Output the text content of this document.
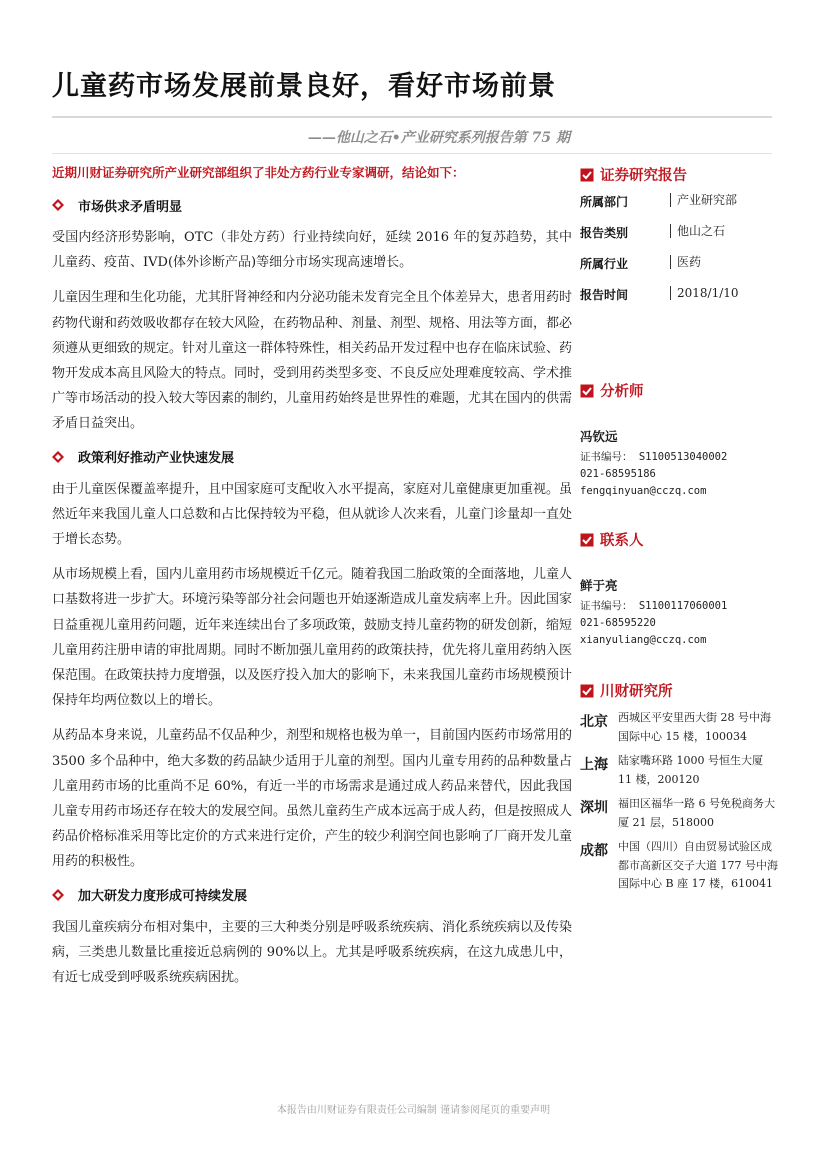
儿童药市场发展前景良好，看好市场前景
——他山之石•产业研究系列报告第 75 期

近期川财证券研究所产业研究部组织了非处方药行业专家调研，结论如下：

市场供求矛盾明显

受国内经济形势影响，OTC（非处方药）行业持续向好，延续 2016 年的复苏趋势，其中儿童药、疫苗、IVD(体外诊断产品)等细分市场实现高速增长。

儿童因生理和生化功能，尤其肝肾神经和内分泌功能未发育完全且个体差异大，患者用药时药物代谢和药效吸收都存在较大风险，在药物品种、剂量、剂型、规格、用法等方面，都必须遵从更细致的规定。针对儿童这一群体特殊性，相关药品开发过程中也存在临床试验、药物开发成本高且风险大的特点。同时，受到用药类型多变、不良反应处理难度较高、学术推广等市场活动的投入较大等因素的制约，儿童用药始终是世界性的难题，尤其在国内的供需矛盾日益突出。

政策利好推动产业快速发展

由于儿童医保覆盖率提升，且中国家庭可支配收入水平提高，家庭对儿童健康更加重视。虽然近年来我国儿童人口总数和占比保持较为平稳，但从就诊人次来看，儿童门诊量却一直处于增长态势。

从市场规模上看，国内儿童用药市场规模近千亿元。随着我国二胎政策的全面落地，儿童人口基数将进一步扩大。环境污染等部分社会问题也开始逐渐造成儿童发病率上升。因此国家日益重视儿童用药问题，近年来连续出台了多项政策，鼓励支持儿童药物的研发创新，缩短儿童用药注册申请的审批周期。同时不断加强儿童用药的政策扶持，优先将儿童用药纳入医保范围。在政策扶持力度增强，以及医疗投入加大的影响下，未来我国儿童药市场规模预计保持年均两位数以上的增长。

从药品本身来说，儿童药品不仅品种少，剂型和规格也极为单一，目前国内医药市场常用的 3500 多个品种中，绝大多数的药品缺少适用于儿童的剂型。国内儿童专用药的品种数量占儿童用药市场的比重尚不足 60%，有近一半的市场需求是通过成人药品来替代，因此我国儿童专用药市场还存在较大的发展空间。虽然儿童药生产成本远高于成人药，但是按照成人药品价格标准采用等比定价的方式来进行定价，产生的较少利润空间也影响了厂商开发儿童用药的积极性。

加大研发力度形成可持续发展

我国儿童疾病分布相对集中，主要的三大种类分别是呼吸系统疾病、消化系统疾病以及传染病，三类患儿数量比重接近总病例的 90%以上。尤其是呼吸系统疾病，在这九成患儿中，有近七成受到呼吸系统疾病困扰。

证券研究报告
所属部门	产业研究部
报告类别	他山之石
所属行业	医药
报告时间	2018/1/10
分析师
冯钦远
证书编号： S1100513040002
021-68595186
fengqinyuan@cczq.com
联系人
鲜于亮
证书编号： S1100117060001
021-68595220
xianyuliang@cczq.com
川财研究所
北京 西城区平安里西大街 28 号中海国际中心 15 楼，100034
上海 陆家嘴环路 1000 号恒生大厦 11 楼，200120
深圳 福田区福华一路 6 号免税商务大厦 21 层，518000
成都 中国（四川）自由贸易试验区成都市高新区交子大道 177 号中海国际中心 B 座 17 楼，610041
本报告由川财证券有限责任公司编制 谨请参阅尾页的重要声明
